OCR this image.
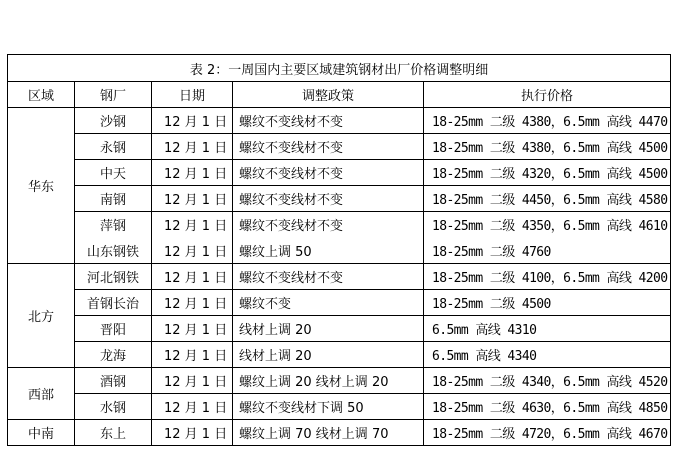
表 2：一周国内主要区域建筑钢材出厂价格调整明细				
区域	钢厂	日期	调整政策	执行价格
华东	沙钢	12 月 1 日	螺纹不变线材不变	18-25mm 二级 4380，6.5mm 高线 4470
	永钢	12 月 1 日	螺纹不变线材不变	18-25mm 二级 4380，6.5mm 高线 4500
	中天	12 月 1 日	螺纹不变线材不变	18-25mm 二级 4320，6.5mm 高线 4500
	南钢	12 月 1 日	螺纹不变线材不变	18-25mm 二级 4450，6.5mm 高线 4580
	萍钢	12 月 1 日	螺纹不变线材不变	18-25mm 二级 4350，6.5mm 高线 4610
	山东钢铁	12 月 1 日	螺纹上调 50	18-25mm 二级 4760
北方	河北钢铁	12 月 1 日	螺纹不变线材不变	18-25mm 二级 4100，6.5mm 高线 4200
	首钢长治	12 月 1 日	螺纹不变	18-25mm 二级 4500
	晋阳	12 月 1 日	线材上调 20	6.5mm 高线 4310
	龙海	12 月 1 日	线材上调 20	6.5mm 高线 4340
西部	酒钢	12 月 1 日	螺纹上调 20 线材上调 20	18-25mm 二级 4340，6.5mm 高线 4520
	水钢	12 月 1 日	螺纹不变线材下调 50	18-25mm 二级 4630，6.5mm 高线 4850
中南	东上	12 月 1 日	螺纹上调 70 线材上调 70	18-25mm 二级 4720，6.5mm 高线 4670
